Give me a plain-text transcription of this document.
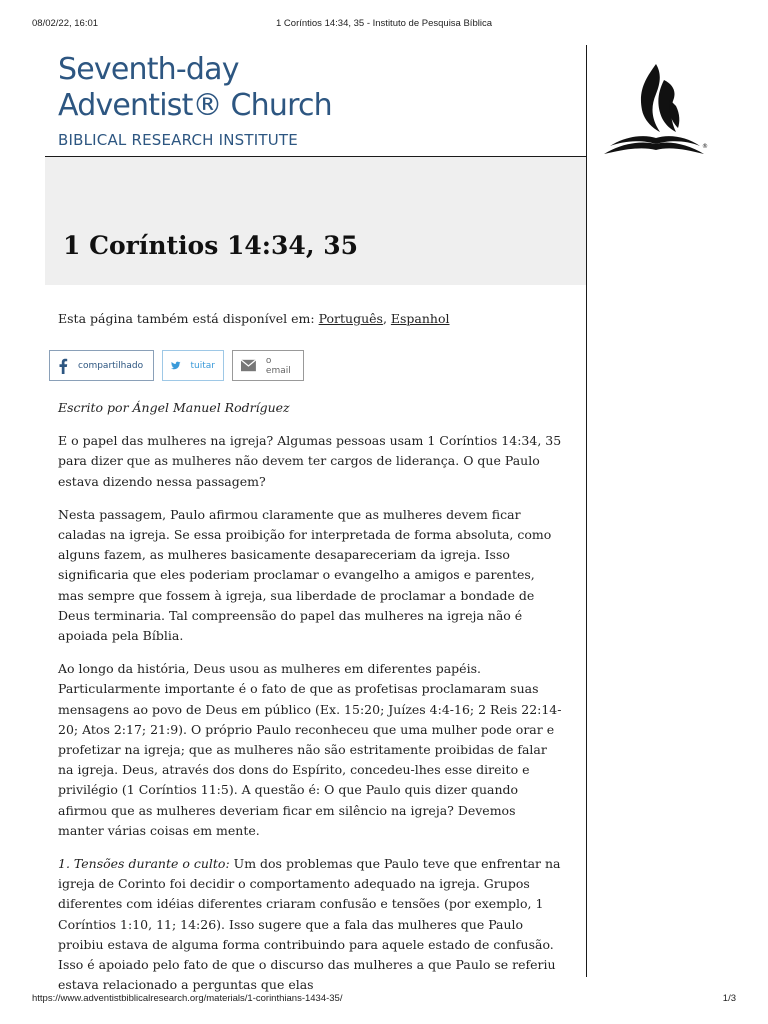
08/02/22, 16:01	1 Coríntios 14:34, 35 - Instituto de Pesquisa Bíblica
Seventh-day
Adventist® Church
BIBLICAL RESEARCH INSTITUTE	®
1 Coríntios 14:34, 35
Esta página também está disponível em: Português, Espanhol
compartilhado	tuitar	o email

Escrito por Ángel Manuel Rodríguez

E o papel das mulheres na igreja? Algumas pessoas usam 1 Coríntios 14:34, 35 para dizer que as mulheres não devem ter cargos de liderança. O que Paulo estava dizendo nessa passagem?

Nesta passagem, Paulo afirmou claramente que as mulheres devem ficar caladas na igreja. Se essa proibição for interpretada de forma absoluta, como alguns fazem, as mulheres basicamente desapareceriam da igreja. Isso significaria que eles poderiam proclamar o evangelho a amigos e parentes, mas sempre que fossem à igreja, sua liberdade de proclamar a bondade de Deus terminaria. Tal compreensão do papel das mulheres na igreja não é apoiada pela Bíblia.

Ao longo da história, Deus usou as mulheres em diferentes papéis. Particularmente importante é o fato de que as profetisas proclamaram suas mensagens ao povo de Deus em público (Ex. 15:20; Juízes 4:4-16; 2 Reis 22:14-20; Atos 2:17; 21:9). O próprio Paulo reconheceu que uma mulher pode orar e profetizar na igreja; que as mulheres não são estritamente proibidas de falar na igreja. Deus, através dos dons do Espírito, concedeu-lhes esse direito e privilégio (1 Coríntios 11:5). A questão é: O que Paulo quis dizer quando afirmou que as mulheres deveriam ficar em silêncio na igreja? Devemos manter várias coisas em mente.

1. Tensões durante o culto: Um dos problemas que Paulo teve que enfrentar na igreja de Corinto foi decidir o comportamento adequado na igreja. Grupos diferentes com idéias diferentes criaram confusão e tensões (por exemplo, 1 Coríntios 1:10, 11; 14:26). Isso sugere que a fala das mulheres que Paulo proibiu estava de alguma forma contribuindo para aquele estado de confusão. Isso é apoiado pelo fato de que o discurso das mulheres a que Paulo se referiu estava relacionado a perguntas que elas

https://www.adventistbiblicalresearch.org/materials/1-corinthians-1434-35/	1/3
